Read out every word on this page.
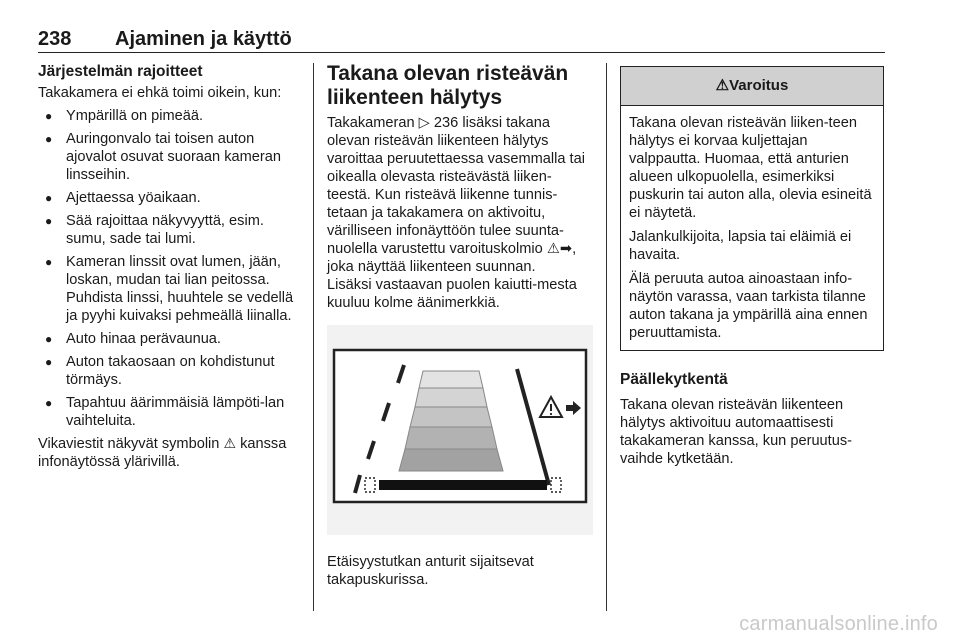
238 Ajaminen ja käyttö
Järjestelmän rajoitteet

Takakamera ei ehkä toimi oikein, kun:

● Ympärillä on pimeää.
● Auringonvalo tai toisen auton ajovalot osuvat suoraan kameran linsseihin.
● Ajettaessa yöaikaan.
● Sää rajoittaa näkyvyyttä, esim. sumu, sade tai lumi.
● Kameran linssit ovat lumen, jään, loskan, mudan tai lian peitossa. Puhdista linssi, huuhtele se vedellä ja pyyhi kuivaksi pehmeällä liinalla.
● Auto hinaa perävaunua.
● Auton takaosaan on kohdistunut törmäys.
● Tapahtuu äärimmäisiä lämpöti-lan vaihteluita.

Vikaviestit näkyvät symbolin ⚠ kanssa infonäytössä ylärivillä.

Takana olevan risteävän liikenteen hälytys

Takakameran ▷ 236 lisäksi takana olevan risteävän liikenteen hälytys varoittaa peruutettaessa vasemmalla tai oikealla olevasta risteävästä liiken-teestä. Kun risteävä liikenne tunnis-tetaan ja takakamera on aktivoitu, värilliseen infonäyttöön tulee suunta-nuolella varustettu varoituskolmio ⚠➡, joka näyttää liikenteen suunnan.

Lisäksi vastaavan puolen kaiutti-mesta kuuluu kolme äänimerkkiä.

Etäisyystutkan anturit sijaitsevat takapuskurissa.

⚠ Varoitus

Takana olevan risteävän liiken-teen hälytys ei korvaa kuljettajan valppautta. Huomaa, että anturien alueen ulkopuolella, esimerkiksi puskurin tai auton alla, olevia esineitä ei näytetä.

Jalankulkijoita, lapsia tai eläimiä ei havaita.

Älä peruuta autoa ainoastaan info-näytön varassa, vaan tarkista tilanne auton takana ja ympärillä aina ennen peruuttamista.

Päällekytkentä

Takana olevan risteävän liikenteen hälytys aktivoituu automaattisesti takakameran kanssa, kun peruutus-vaihde kytketään.

carmanualsonline.info
